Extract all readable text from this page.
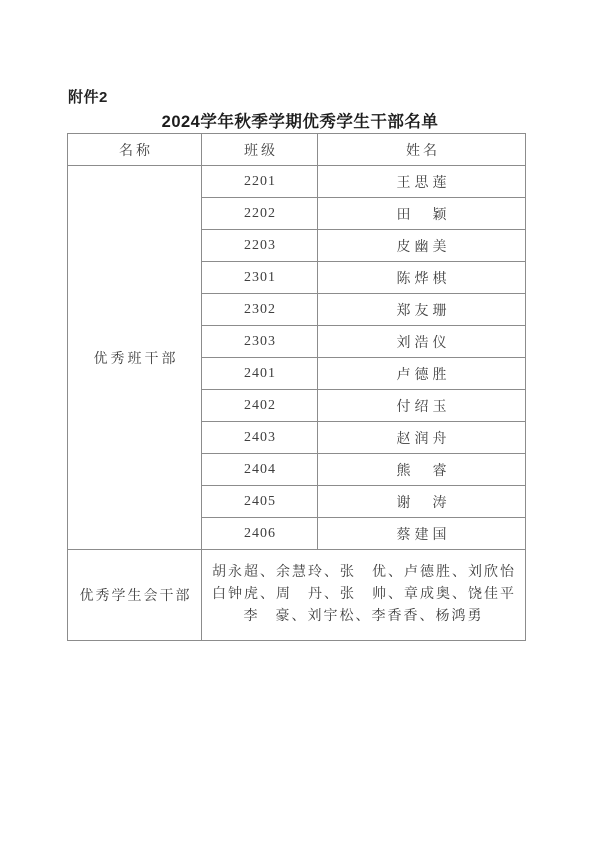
附件2
2024学年秋季学期优秀学生干部名单
名称	班级	姓名
优秀班干部	2201	王思莲
	2202	田　颖
	2203	皮幽美
	2301	陈烨棋
	2302	郑友珊
	2303	刘浩仪
	2401	卢德胜
	2402	付绍玉
	2403	赵润舟
	2404	熊　睿
	2405	谢　涛
	2406	蔡建国
优秀学生会干部	胡永超、余慧玲、张　优、卢德胜、刘欣怡
白钟虎、周　丹、张　帅、章成奥、饶佳平
李　豪、刘宇松、李香香、杨鸿勇	
